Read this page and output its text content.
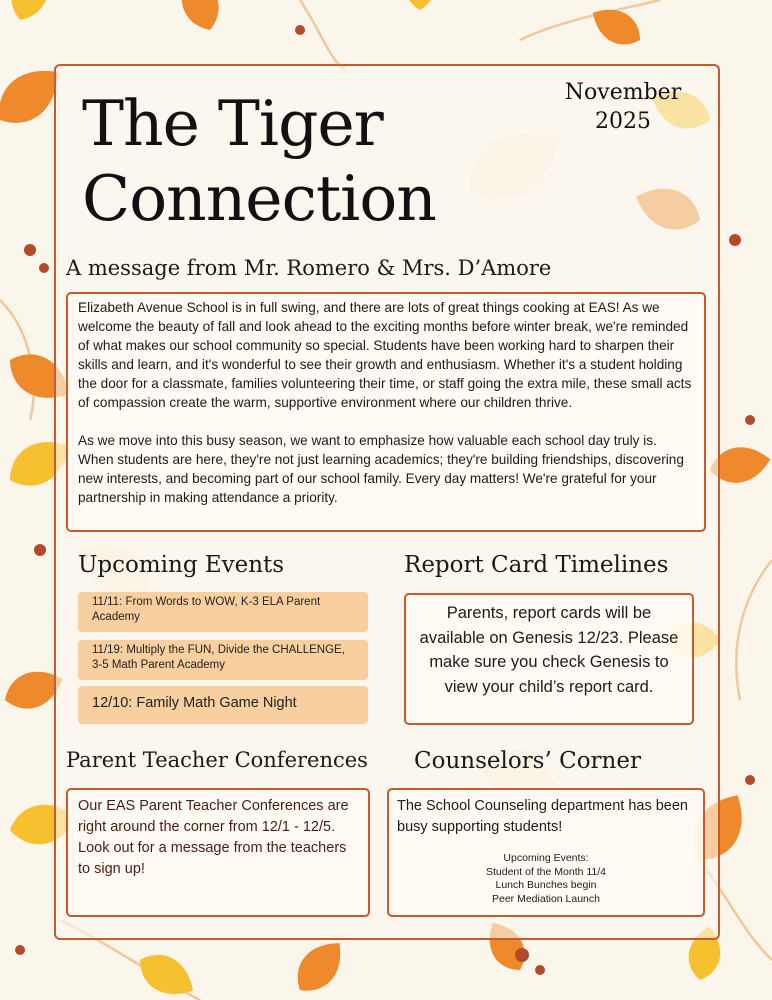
The Tiger
Connection
November
2025
A message from Mr. Romero & Mrs. D’Amore

Elizabeth Avenue School is in full swing, and there are lots of great things cooking at EAS! As we welcome the beauty of fall and look ahead to the exciting months before winter break, we're reminded of what makes our school community so special. Students have been working hard to sharpen their skills and learn, and it's wonderful to see their growth and enthusiasm. Whether it's a student holding the door for a classmate, families volunteering their time, or staff going the extra mile, these small acts of compassion create the warm, supportive environment where our children thrive.

As we move into this busy season, we want to emphasize how valuable each school day truly is. When students are here, they're not just learning academics; they're building friendships, discovering new interests, and becoming part of our school family. Every day matters! We're grateful for your partnership in making attendance a priority.

Upcoming Events
11/11: From Words to WOW, K-3 ELA Parent Academy
11/19: Multiply the FUN, Divide the CHALLENGE, 3-5 Math Parent Academy
12/10: Family Math Game Night
Report Card Timelines
Parents, report cards will be available on Genesis 12/23. Please make sure you check Genesis to view your child’s report card.
Parent Teacher Conferences
Our EAS Parent Teacher Conferences are right around the corner from 12/1 - 12/5. Look out for a message from the teachers to sign up!
Counselors’ Corner
The School Counseling department has been busy supporting students!
Upcoming Events:
Student of the Month 11/4
Lunch Bunches begin
Peer Mediation Launch
